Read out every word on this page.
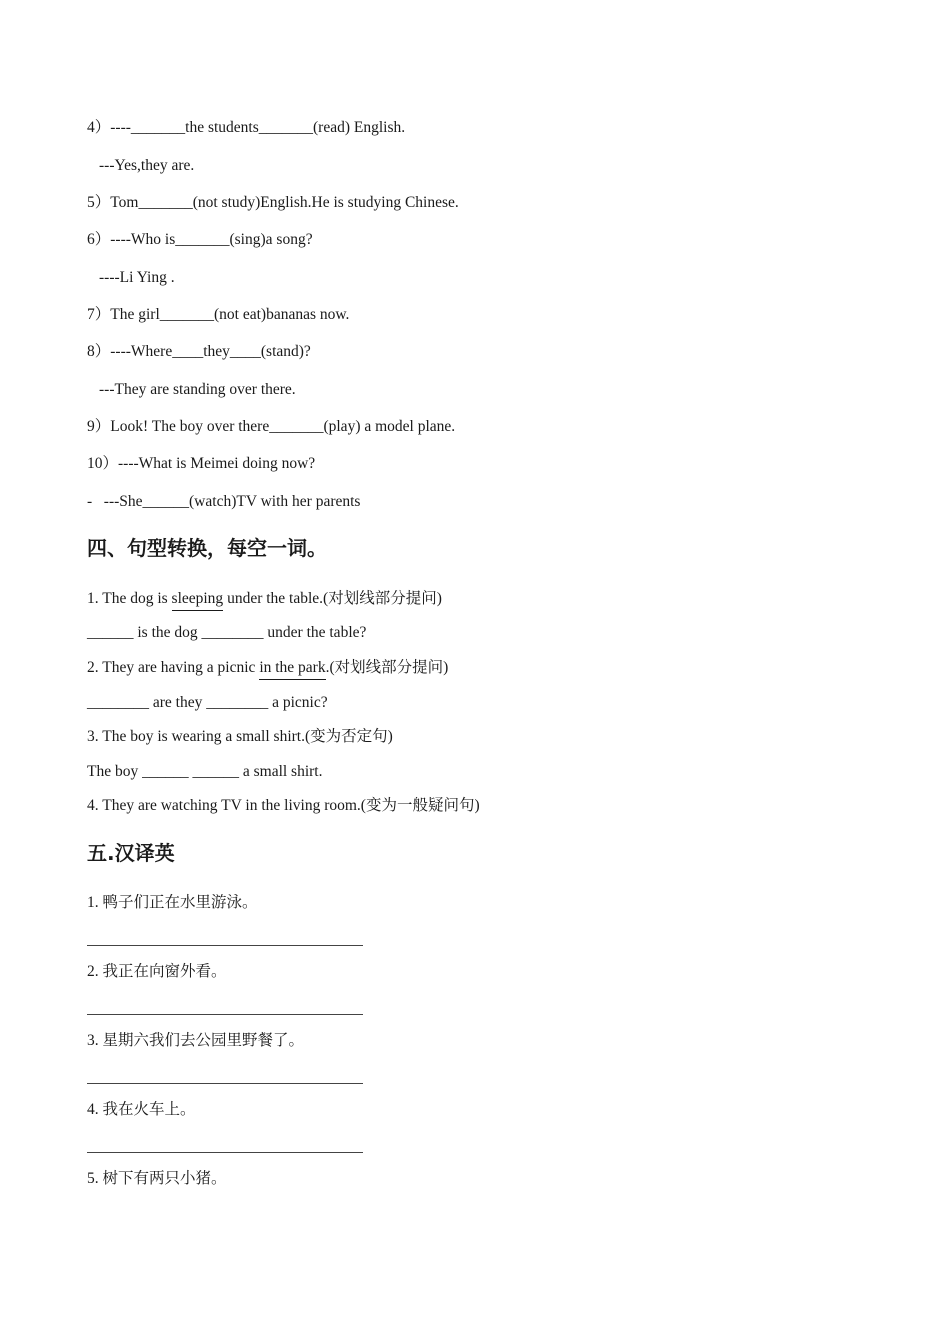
4）----_______the students_______(read) English.

---Yes,they are.

5）Tom_______(not study)English.He is studying Chinese.

6）----Who is_______(sing)a song?

----Li Ying .

7）The girl_______(not eat)bananas now.

8）----Where____they____(stand)?

---They are standing over there.

9）Look! The boy over there_______(play) a model plane.

10）----What is Meimei doing now?

-   ---She______(watch)TV with her parents

四、句型转换，每空一词。

1. The dog is sleeping under the table.(对划线部分提问)

______ is the dog ________ under the table?

2. They are having a picnic in the park.(对划线部分提问)

________ are they ________ a picnic?

3. The boy is wearing a small shirt.(变为否定句)

The boy ______ ______ a small shirt.

4. They are watching TV in the living room.(变为一般疑问句)

五.汉译英

1. 鸭子们正在水里游泳。

2. 我正在向窗外看。

3. 星期六我们去公园里野餐了。

4. 我在火车上。

5. 树下有两只小猪。
